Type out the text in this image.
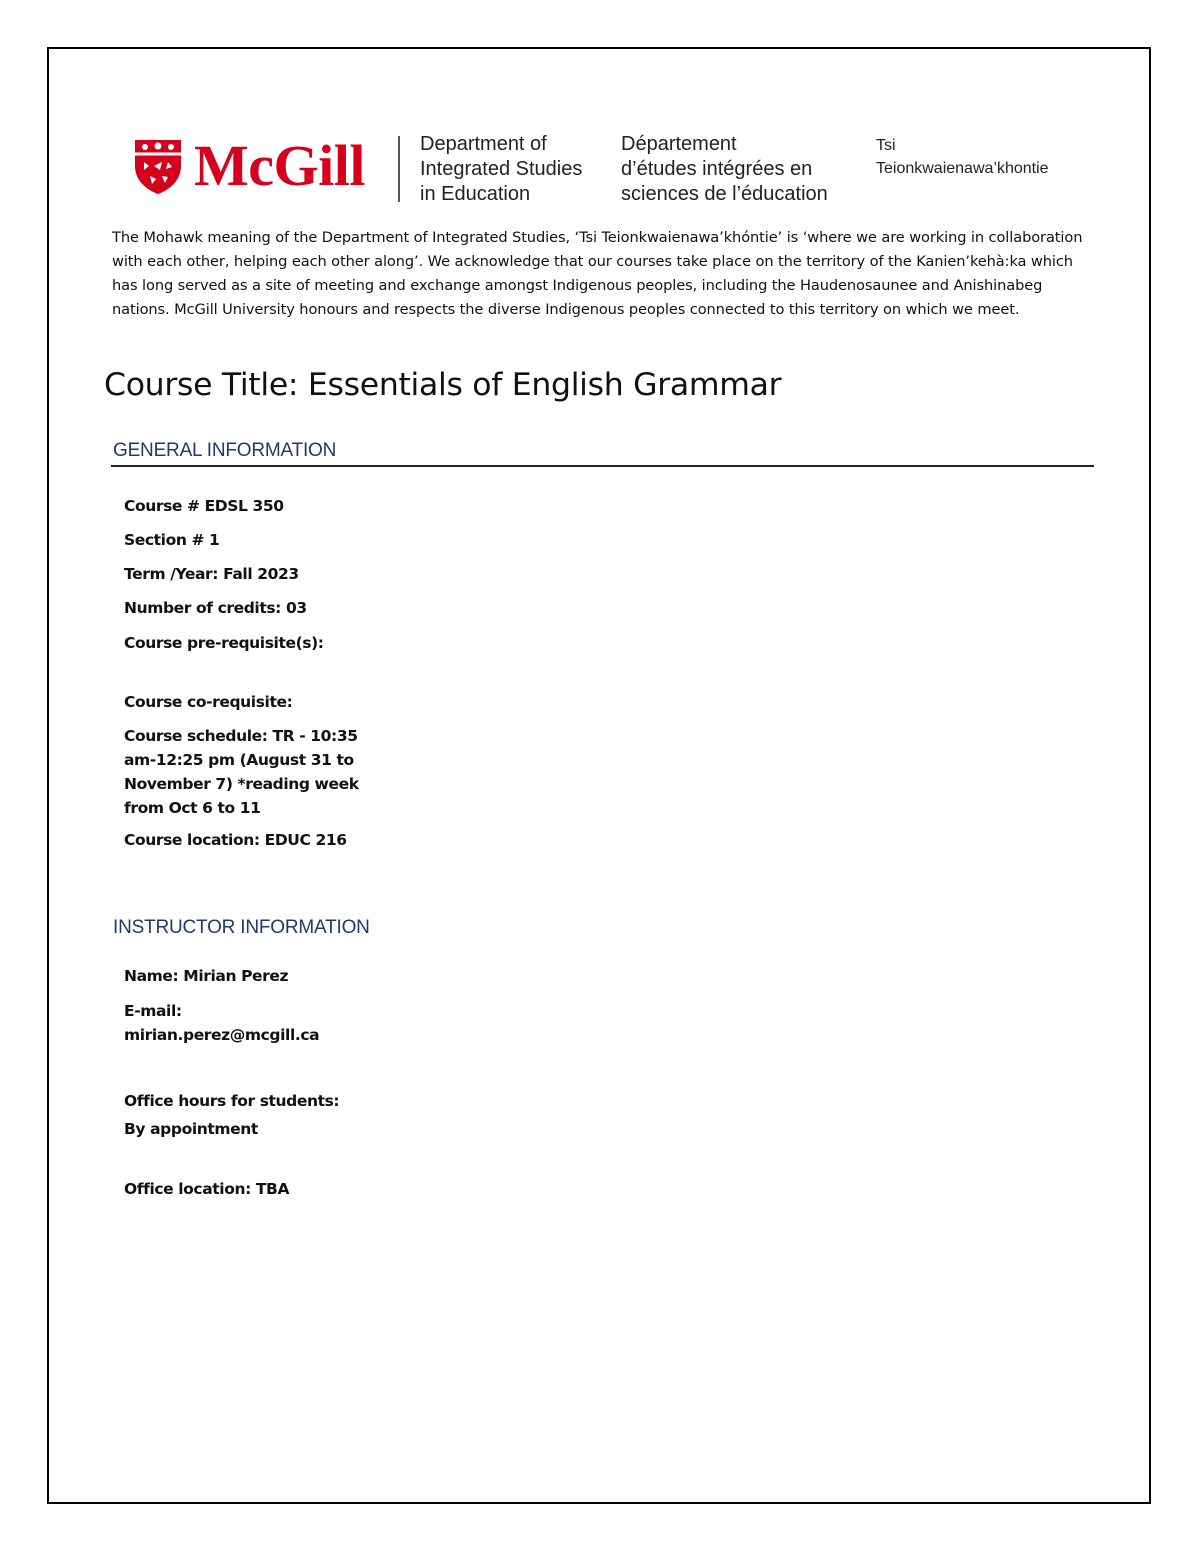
McGill	Department of
Integrated Studies
in Education
Département
d’études intégrées en
sciences de l’éducation
Tsi
Teionkwaienawa’khontie

The Mohawk meaning of the Department of Integrated Studies, ‘Tsi Teionkwaienawa’khóntie’ is ‘where we are working in collaboration with each other, helping each other along’. We acknowledge that our courses take place on the territory of the Kanien’kehà:ka which has long served as a site of meeting and exchange amongst Indigenous peoples, including the Haudenosaunee and Anishinabeg nations. McGill University honours and respects the diverse Indigenous peoples connected to this territory on which we meet.

Course Title: Essentials of English Grammar
GENERAL INFORMATION

Course # EDSL 350

Section # 1

Term /Year: Fall 2023

Number of credits: 03

Course pre-requisite(s):

Course co-requisite:

Course schedule: TR - 10:35 am-12:25 pm (August 31 to November 7) *reading week from Oct 6 to 11

Course location: EDUC 216

INSTRUCTOR INFORMATION

Name: Mirian Perez

E-mail:

mirian.perez@mcgill.ca

Office hours for students:

By appointment

Office location: TBA
